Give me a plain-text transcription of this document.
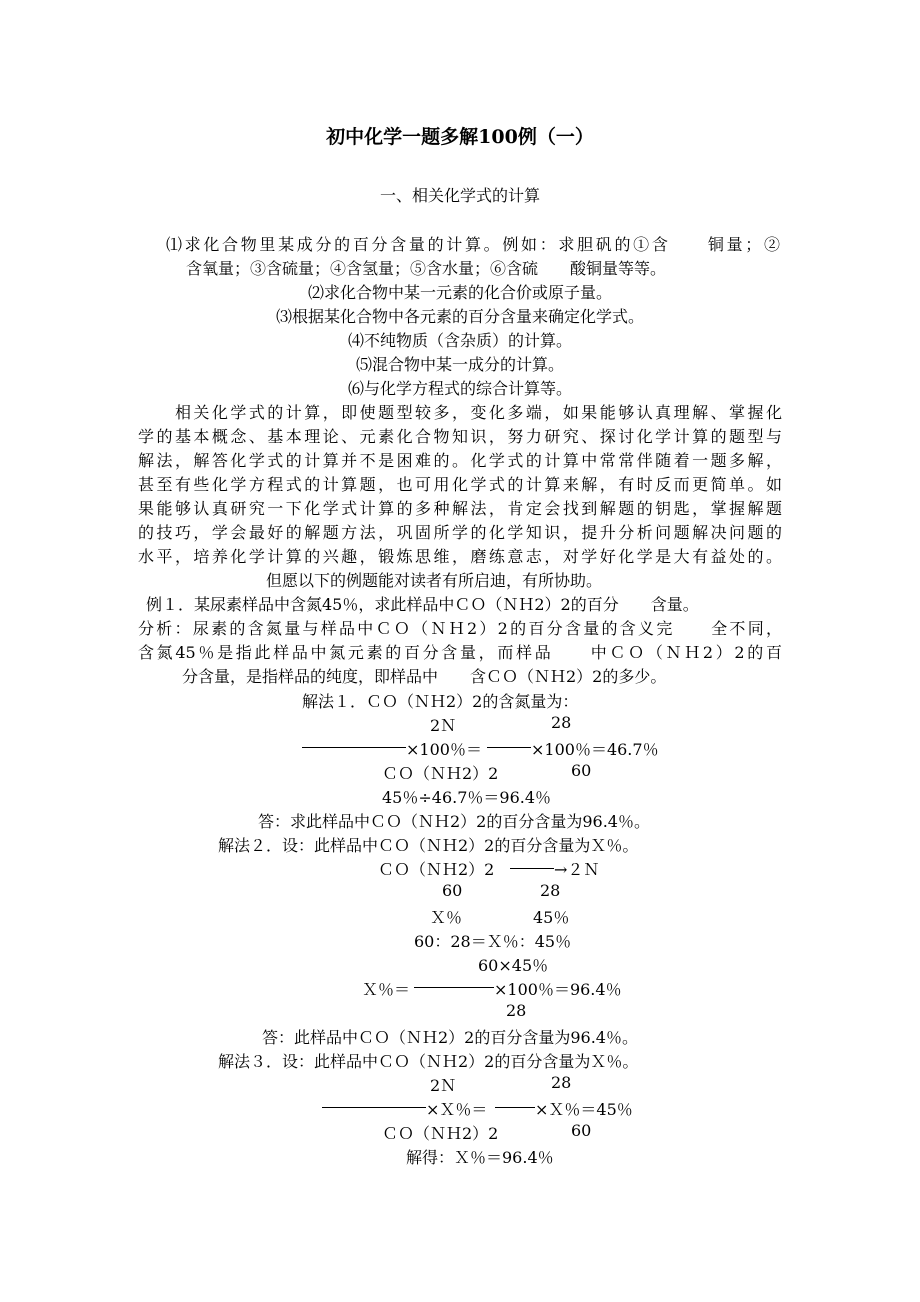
初中化学一题多解100例（一）
一、相关化学式的计算
⑴求化合物里某成分的百分含量的计算。例如：求胆矾的①含　　铜量；②
含氧量；③含硫量；④含氢量；⑤含水量；⑥含硫　　酸铜量等等。
⑵求化合物中某一元素的化合价或原子量。
⑶根据某化合物中各元素的百分含量来确定化学式。
⑷不纯物质（含杂质）的计算。
⑸混合物中某一成分的计算。
⑹与化学方程式的综合计算等。
　　相关化学式的计算，即使题型较多，变化多端，如果能够认真理解、掌握化
学的基本概念、基本理论、元素化合物知识，努力研究、探讨化学计算的题型与
解法，解答化学式的计算并不是困难的。化学式的计算中常常伴随着一题多解，
甚至有些化学方程式的计算题，也可用化学式的计算来解，有时反而更简单。如
果能够认真研究一下化学式计算的多种解法，肯定会找到解题的钥匙，掌握解题
的技巧，学会最好的解题方法，巩固所学的化学知识，提升分析问题解决问题的
水平，培养化学计算的兴趣，锻炼思维，磨练意志，对学好化学是大有益处的。
但愿以下的例题能对读者有所启迪，有所协助。
例１．某尿素样品中含氮45％，求此样品中ＣＯ（ＮＨ2）2的百分　　含量。
分析：尿素的含氮量与样品中ＣＯ（ＮＨ2）2的百分含量的含义完　　全不同，
含氮45％是指此样品中氮元素的百分含量，而样品　　中ＣＯ（ＮＨ2）2的百
分含量，是指样品的纯度，即样品中　　含ＣＯ（ＮＨ2）2的多少。
解法１．ＣＯ（ＮＨ2）2的含氮量为：
2Ｎ	28
×100％＝	×100％＝46.7％
ＣＯ（ＮＨ2）2	60
45％÷46.7％＝96.4％
答：求此样品中ＣＯ（ＮＨ2）2的百分含量为96.4％。
解法２．设：此样品中ＣＯ（ＮＨ2）2的百分含量为Ｘ％。
ＣＯ（ＮＨ2）2	→２Ｎ
60	28
Ｘ％	45％
60：28＝Ｘ％：45％
60×45％
Ｘ％＝	×100％＝96.4％
28
答：此样品中ＣＯ（ＮＨ2）2的百分含量为96.4％。
解法３．设：此样品中ＣＯ（ＮＨ2）2的百分含量为Ｘ％。
2Ｎ	28
×Ｘ％＝	×Ｘ％＝45％
ＣＯ（ＮＨ2）2	60
解得：Ｘ％＝96.4％
